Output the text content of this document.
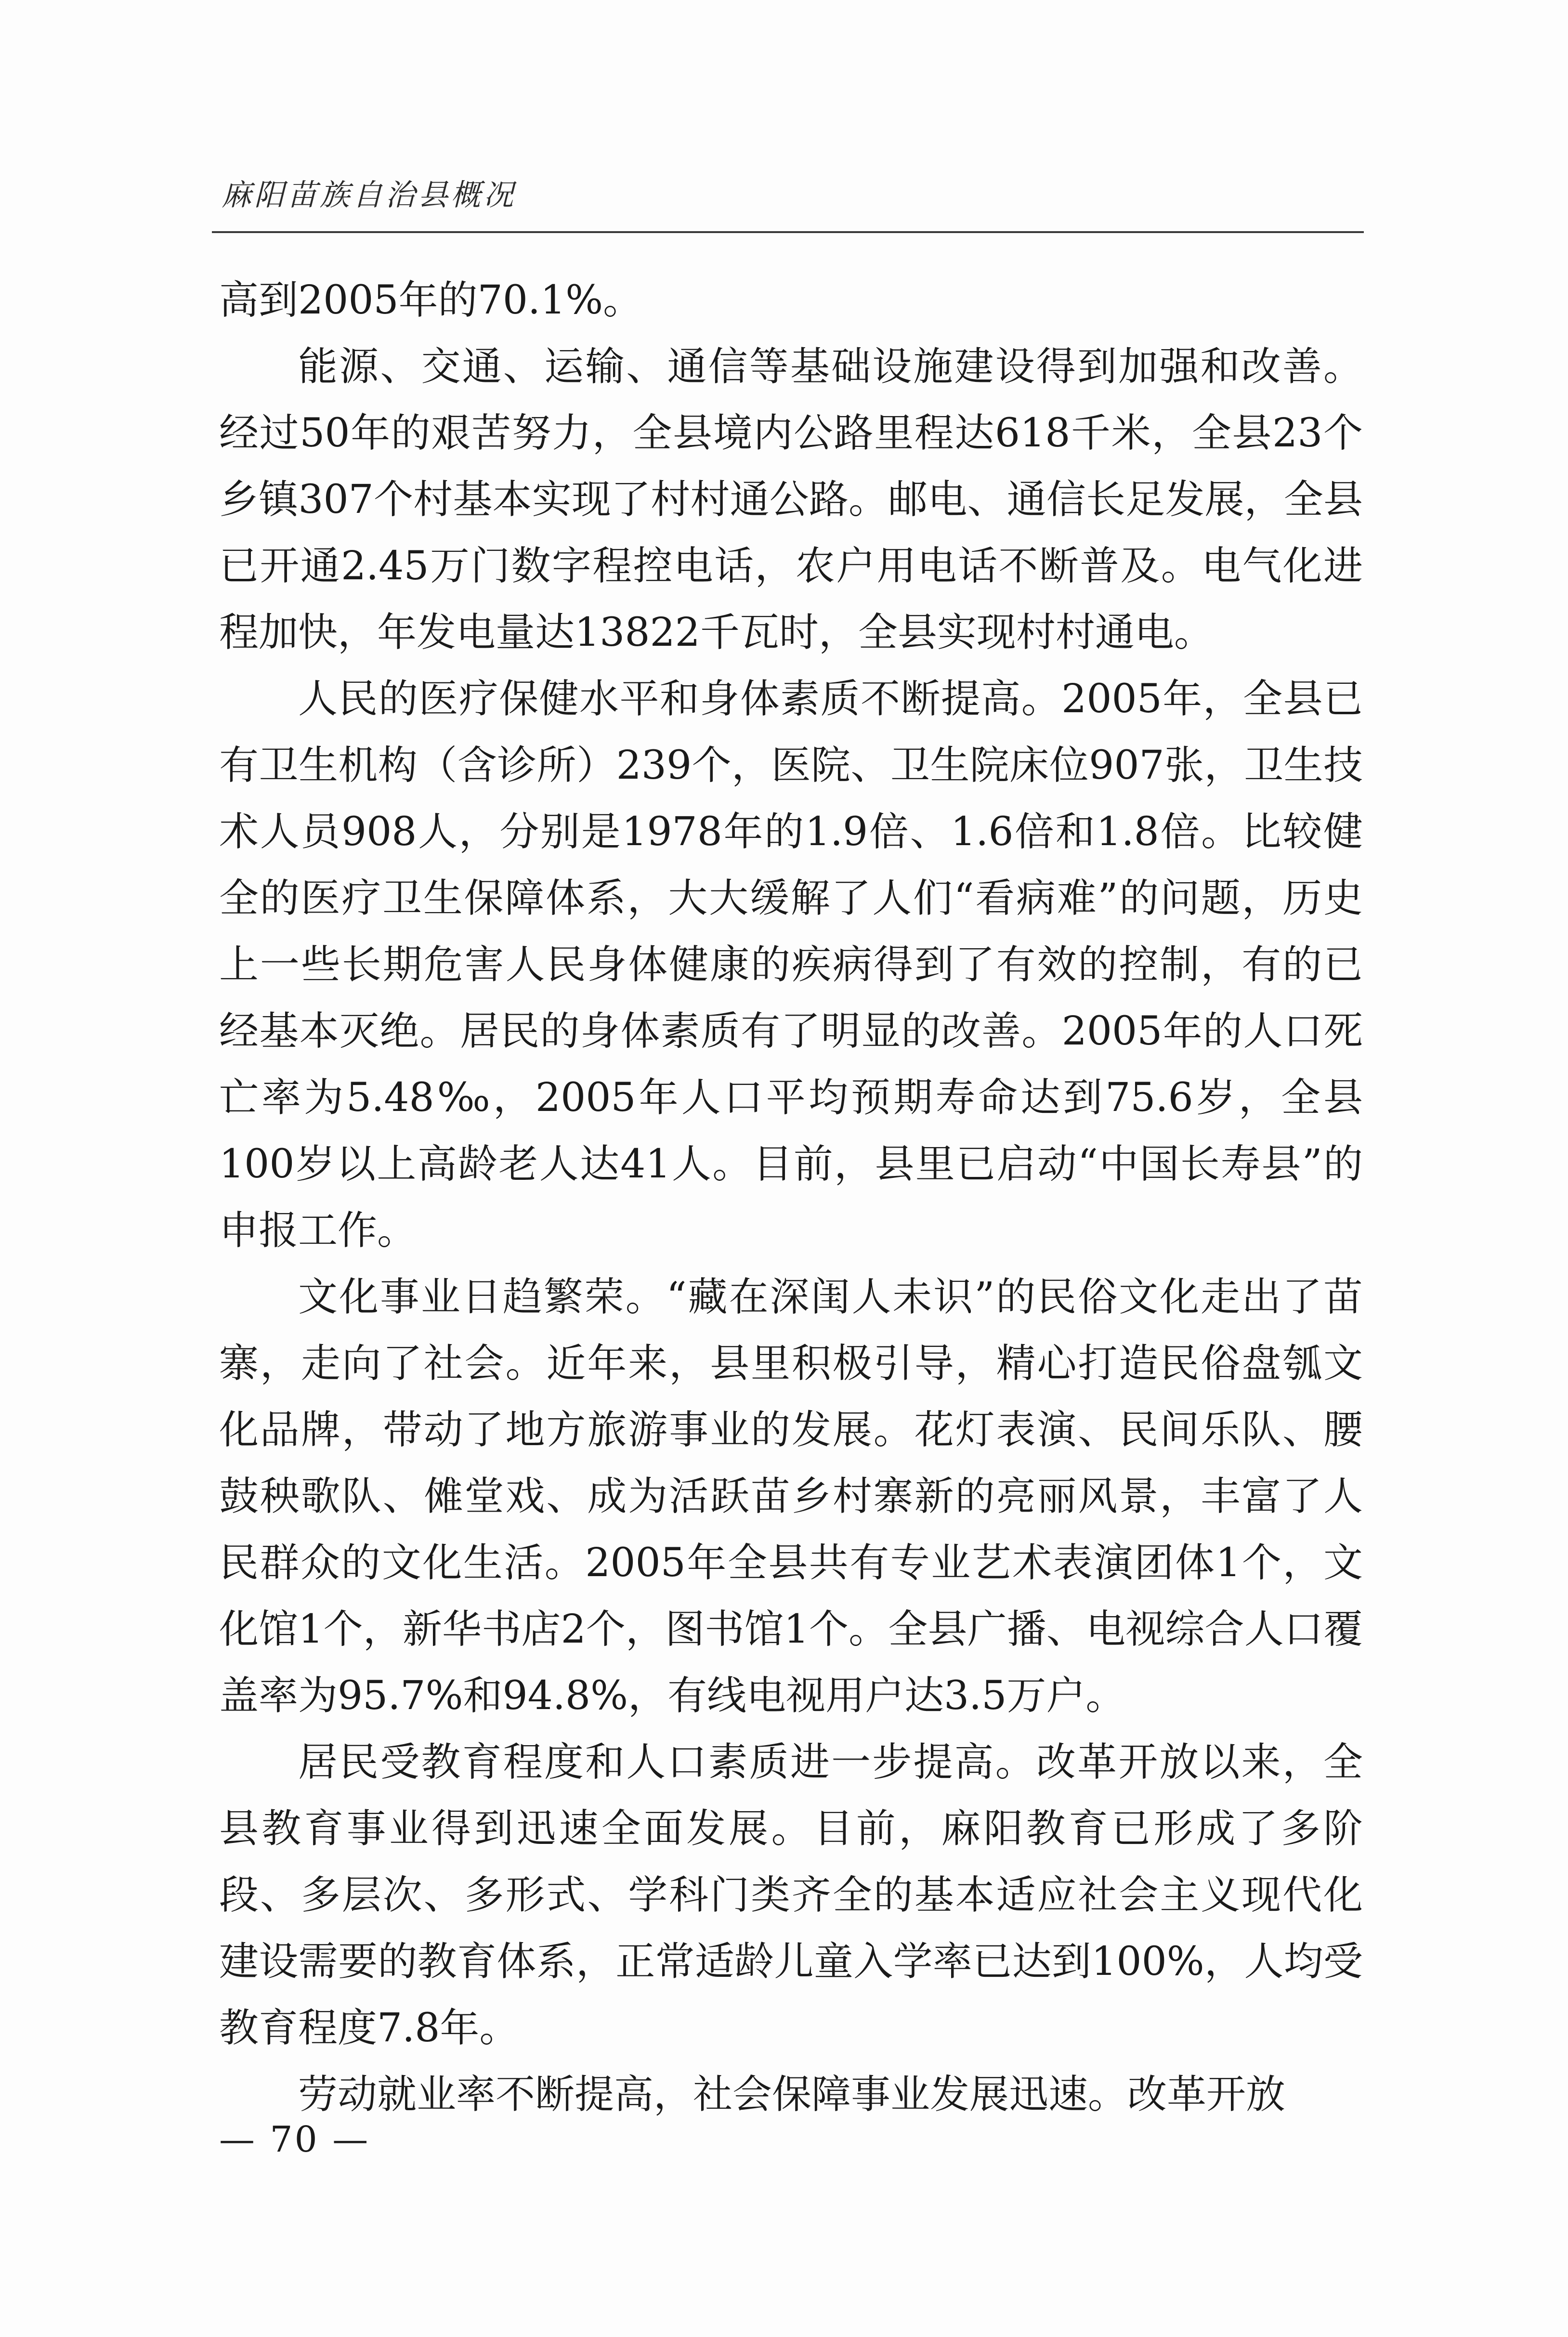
麻阳苗族自治县概况

高到2005年的70.1%。

能源、交通、运输、通信等基础设施建设得到加强和改善。经过50年的艰苦努力，全县境内公路里程达618千米，全县23个乡镇307个村基本实现了村村通公路。邮电、通信长足发展，全县已开通2.45万门数字程控电话，农户用电话不断普及。电气化进程加快，年发电量达13822千瓦时，全县实现村村通电。

人民的医疗保健水平和身体素质不断提高。2005年，全县已有卫生机构（含诊所）239个，医院、卫生院床位907张，卫生技术人员908人，分别是1978年的1.9倍、1.6倍和1.8倍。比较健全的医疗卫生保障体系，大大缓解了人们“看病难”的问题，历史上一些长期危害人民身体健康的疾病得到了有效的控制，有的已经基本灭绝。居民的身体素质有了明显的改善。2005年的人口死亡率为5.48‰，2005年人口平均预期寿命达到75.6岁，全县100岁以上高龄老人达41人。目前，县里已启动“中国长寿县”的申报工作。

文化事业日趋繁荣。“藏在深闺人未识”的民俗文化走出了苗寨，走向了社会。近年来，县里积极引导，精心打造民俗盘瓠文化品牌，带动了地方旅游事业的发展。花灯表演、民间乐队、腰鼓秧歌队、傩堂戏、成为活跃苗乡村寨新的亮丽风景，丰富了人民群众的文化生活。2005年全县共有专业艺术表演团体1个，文化馆1个，新华书店2个，图书馆1个。全县广播、电视综合人口覆盖率为95.7%和94.8%，有线电视用户达3.5万户。

居民受教育程度和人口素质进一步提高。改革开放以来，全县教育事业得到迅速全面发展。目前，麻阳教育已形成了多阶段、多层次、多形式、学科门类齐全的基本适应社会主义现代化建设需要的教育体系，正常适龄儿童入学率已达到100%，人均受教育程度7.8年。

劳动就业率不断提高，社会保障事业发展迅速。改革开放

— 70 —
